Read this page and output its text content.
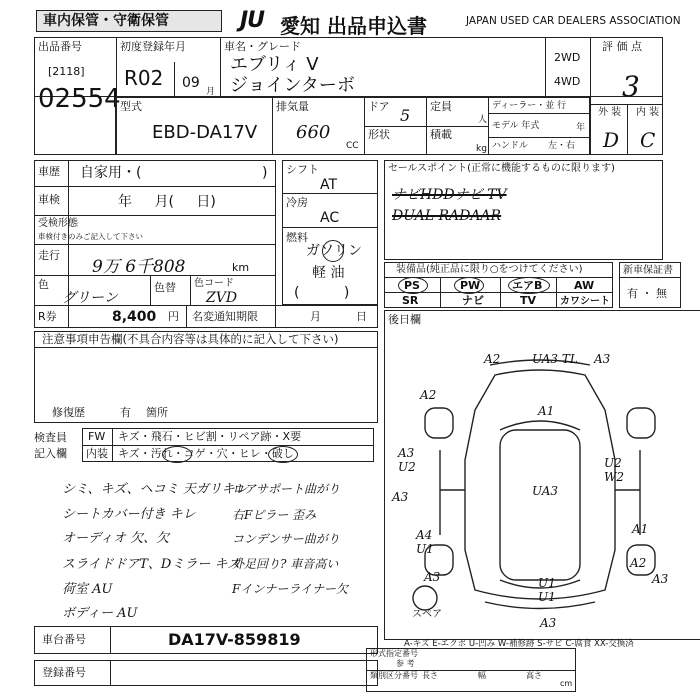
車内保管・守衛保管	JU 愛知 出品申込書	JAPAN USED CAR DEALERS ASSOCIATION
出品番号
[2118]
02554
初度登録年月
R02 09
月
車名・グレード
エブリィ V
ジョインターボ
2WD
4WD
評 価 点
3
外 装 内 装
D C
型式
EBD-DA17V
排気量
660
CC
ドア 5
形状
定員
人
積載
kg
ディーラー・並 行
モデル 年式	年
ハンドル 左・右
車歴 自家用・(	)
車検	年 月( 日)
受検形態
車検付きのみご記入して下さい
走行
9万 6千808	km
色
グリーン
色替 色コード
ZVD
R券	8,400 円 名変通知期限	月	日
シフト
AT
冷房
AC
燃料
ガソリン
軽 油
( )
セールスポイント(正常に機能するものに限ります)
ナビHDDナビ TV
DUAL RADAAR
装備品(純正品に限り○をつけてください)
PS	PW	エアB	AW
SR	ナビ	TV カワシート
新車保証書
有 ・ 無
注意事項申告欄(不具合内容等は具体的に記入して下さい)
修復歴	有 箇所
検査員
記入欄
FW キズ・飛石・ヒビ割・リペア跡・X要
内装 キズ・汚れ・コゲ・穴・ヒレ・破し
シミ、キズ、ヘコミ 天ガリキレ
シートカバー付き キレ
オーディオ 欠、欠
スライドドアT、Dミラー キズ
荷室 AU
ボディー AU
ロアサポート曲がり
右Fピラー 歪み
コンデンサー曲がり
外足回り? 車音高い
Fインナーライナー欠
後日欄
A2	UA3 TL A3
A2
A1
A3
U2	U2
W2
UA3
A3
A4
U1
A1
A3	U1
A2
A3
U1
A3
スペア
A-キズ E-エクボ U-凹み W-補修跡 S-サビ C-腐食 XX-交換済
車台番号	DA17V-859819
登録番号
形式指定番号
類別区分番号
参 考
長さ	幅	高さ
cm
